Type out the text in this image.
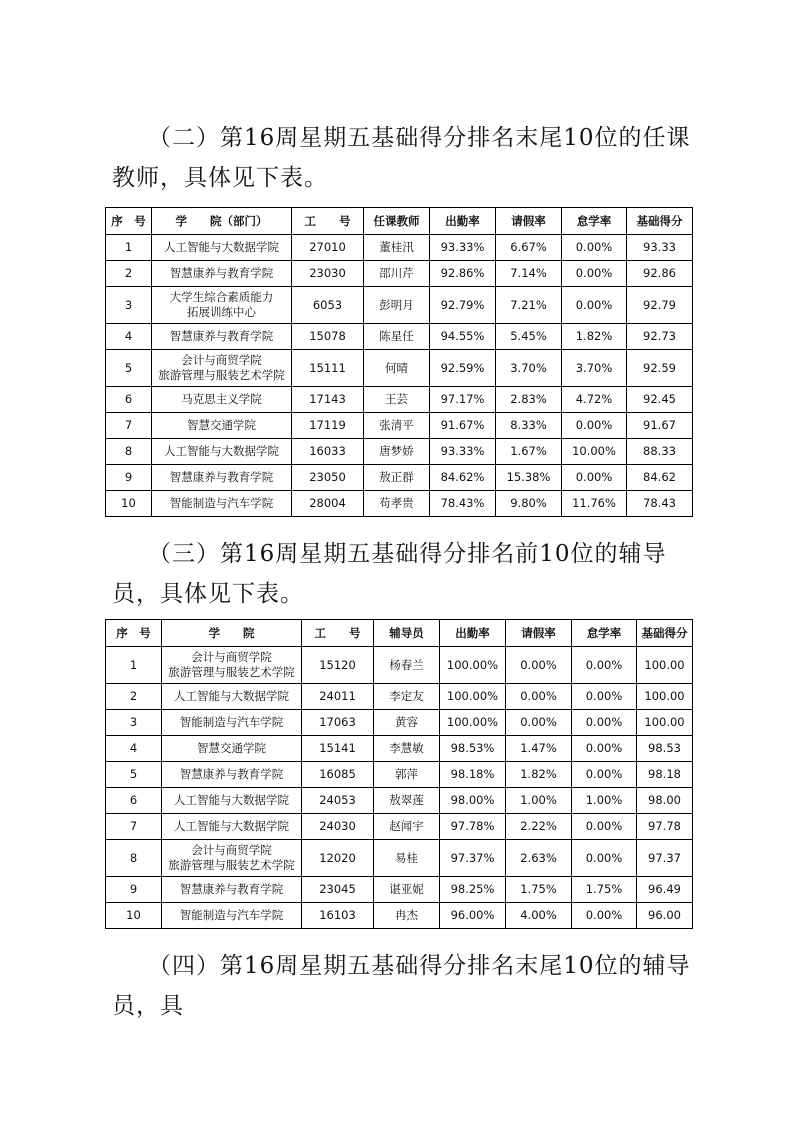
（二）第16周星期五基础得分排名末尾10位的任课教师，具体见下表。

序　号	学　　院（部门）	工　　号	任课教师	出勤率	请假率	怠学率	基础得分
1	人工智能与大数据学院	27010	董桂汛	93.33%	6.67%	0.00%	93.33
2	智慧康养与教育学院	23030	邵川芹	92.86%	7.14%	0.00%	92.86
3	大学生综合素质能力
拓展训练中心	6053	彭明月	92.79%	7.21%	0.00%	92.79
4	智慧康养与教育学院	15078	陈星任	94.55%	5.45%	1.82%	92.73
5	会计与商贸学院
旅游管理与服装艺术学院	15111	何晴	92.59%	3.70%	3.70%	92.59
6	马克思主义学院	17143	王芸	97.17%	2.83%	4.72%	92.45
7	智慧交通学院	17119	张清平	91.67%	8.33%	0.00%	91.67
8	人工智能与大数据学院	16033	唐梦娇	93.33%	1.67%	10.00%	88.33
9	智慧康养与教育学院	23050	敖正群	84.62%	15.38%	0.00%	84.62
10	智能制造与汽车学院	28004	苟孝贵	78.43%	9.80%	11.76%	78.43

（三）第16周星期五基础得分排名前10位的辅导员，具体见下表。

序　号	学　　院	工　　号	辅导员	出勤率	请假率	怠学率	基础得分
1	会计与商贸学院
旅游管理与服装艺术学院	15120	杨春兰	100.00%	0.00%	0.00%	100.00
2	人工智能与大数据学院	24011	李定友	100.00%	0.00%	0.00%	100.00
3	智能制造与汽车学院	17063	黄容	100.00%	0.00%	0.00%	100.00
4	智慧交通学院	15141	李慧敏	98.53%	1.47%	0.00%	98.53
5	智慧康养与教育学院	16085	郭萍	98.18%	1.82%	0.00%	98.18
6	人工智能与大数据学院	24053	敖翠莲	98.00%	1.00%	1.00%	98.00
7	人工智能与大数据学院	24030	赵闻宇	97.78%	2.22%	0.00%	97.78
8	会计与商贸学院
旅游管理与服装艺术学院	12020	易桂	97.37%	2.63%	0.00%	97.37
9	智慧康养与教育学院	23045	谌亚妮	98.25%	1.75%	1.75%	96.49
10	智能制造与汽车学院	16103	冉杰	96.00%	4.00%	0.00%	96.00

（四）第16周星期五基础得分排名末尾10位的辅导员，具
